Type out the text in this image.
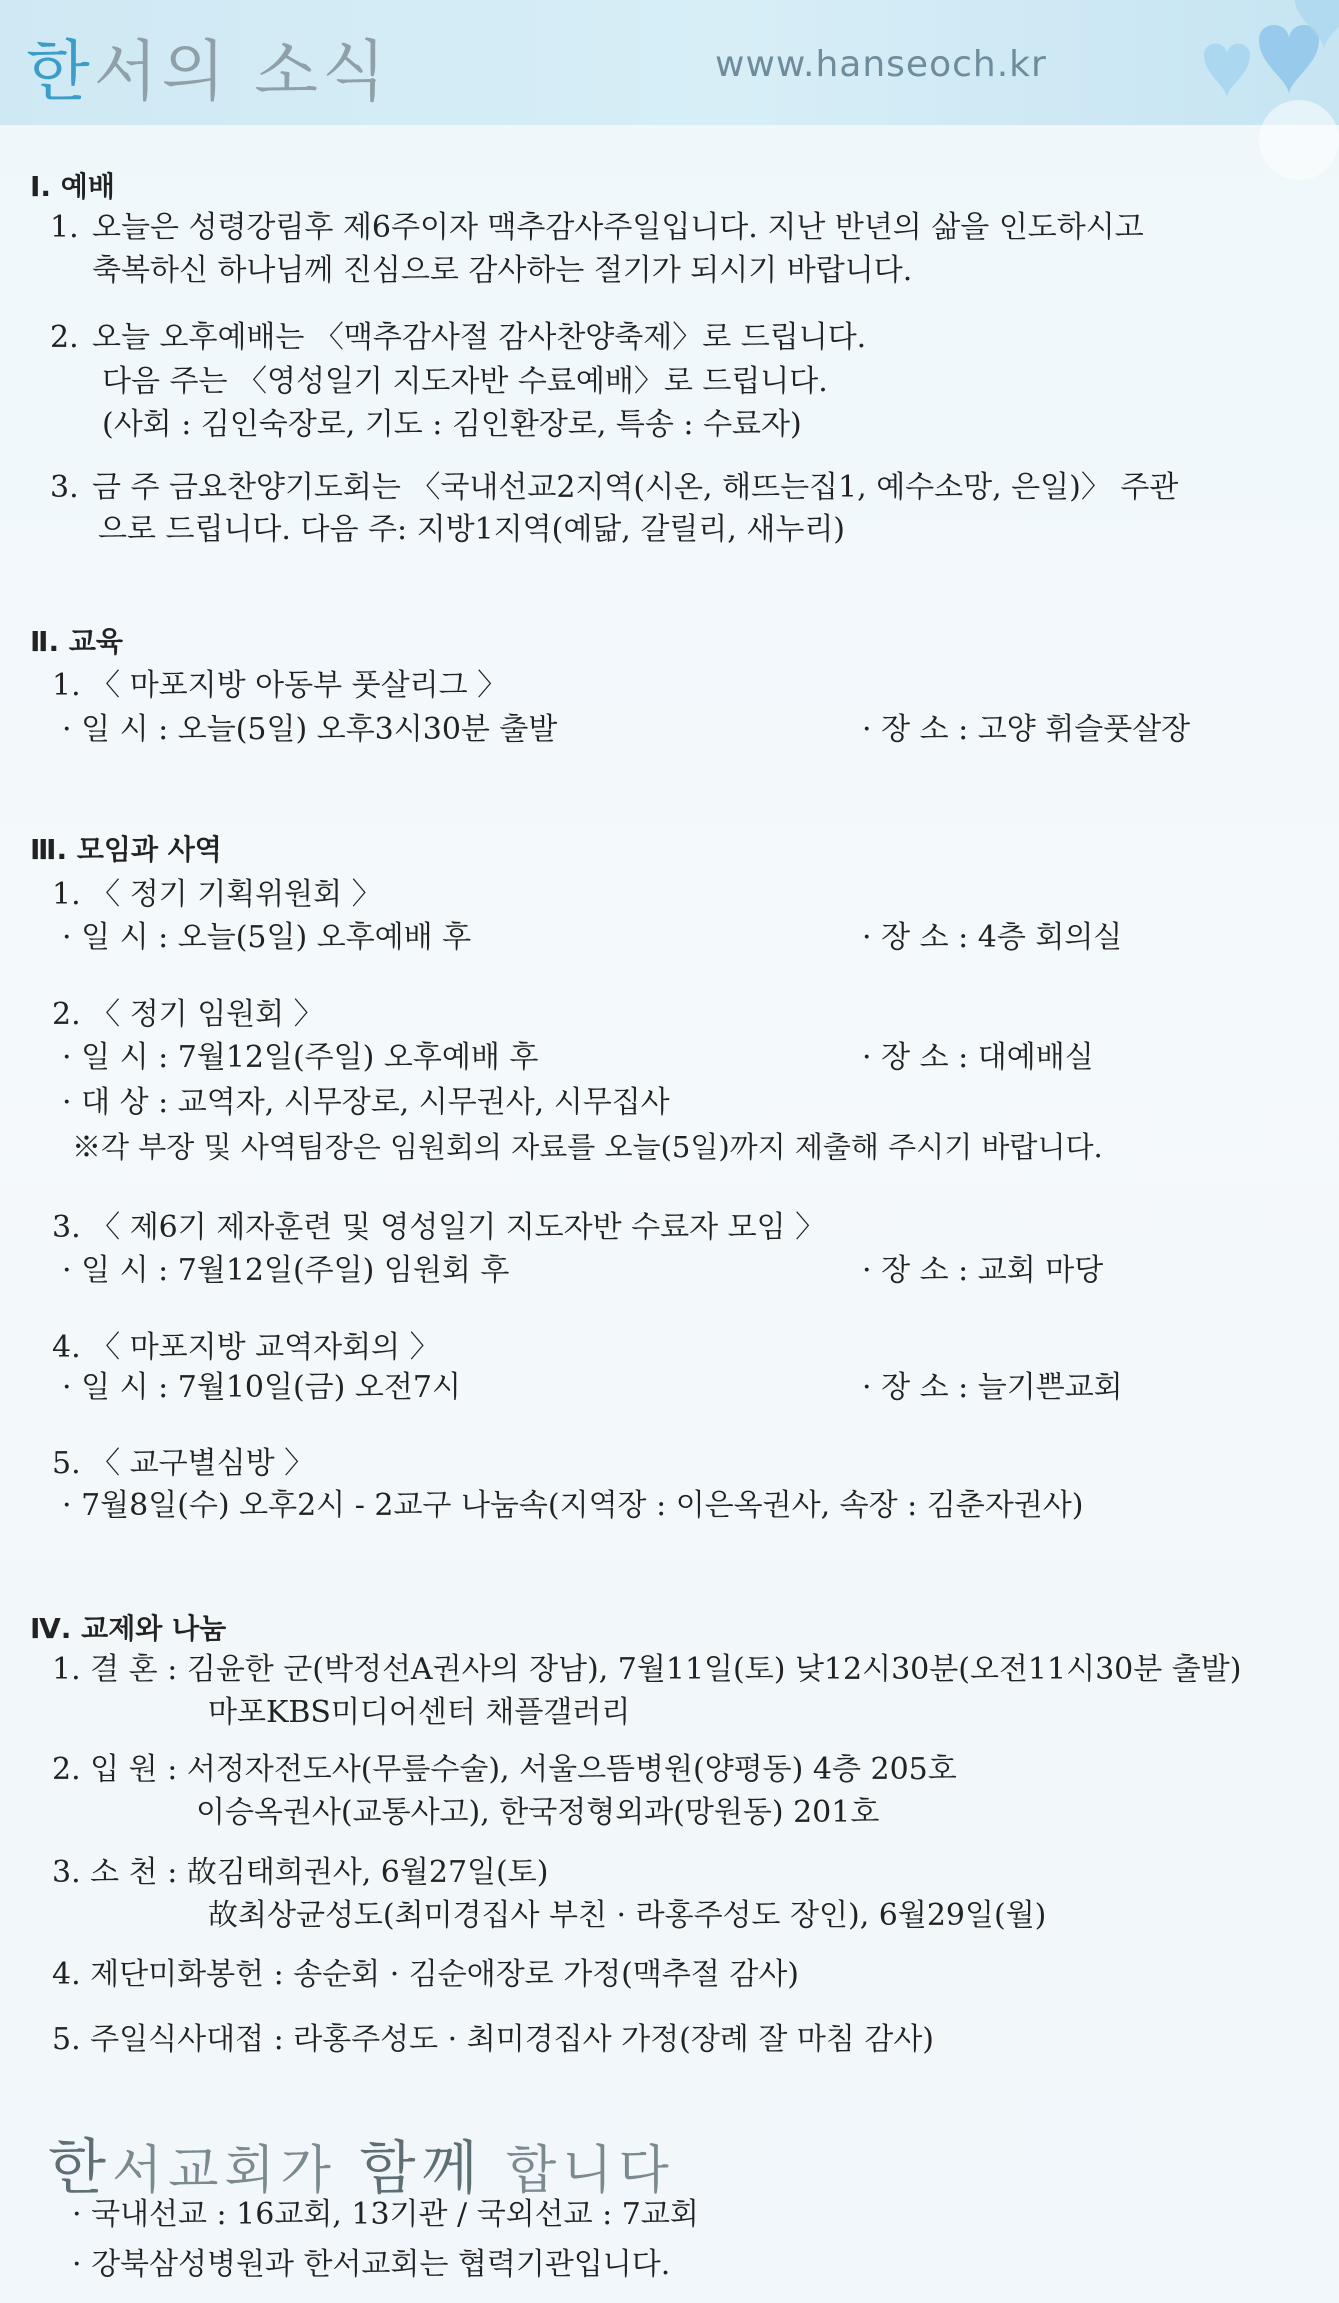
한서의 소식	www.hanseoch.kr
Ⅰ. 예배
1. 오늘은 성령강림후 제6주이자 맥추감사주일입니다. 지난 반년의 삶을 인도하시고
축복하신 하나님께 진심으로 감사하는 절기가 되시기 바랍니다.
2. 오늘 오후예배는 〈맥추감사절 감사찬양축제〉로 드립니다.
다음 주는 〈영성일기 지도자반 수료예배〉로 드립니다.
(사회 : 김인숙장로, 기도 : 김인환장로, 특송 : 수료자)
3. 금 주 금요찬양기도회는 〈국내선교2지역(시온, 해뜨는집1, 예수소망, 은일)〉 주관
으로 드립니다. 다음 주: 지방1지역(예닮, 갈릴리, 새누리)
Ⅱ. 교육
1. 〈 마포지방 아동부 풋살리그 〉
· 일 시 : 오늘(5일) 오후3시30분 출발	· 장 소 : 고양 휘슬풋살장
Ⅲ. 모임과 사역
1. 〈 정기 기획위원회 〉
· 일 시 : 오늘(5일) 오후예배 후	· 장 소 : 4층 회의실
2. 〈 정기 임원회 〉
· 일 시 : 7월12일(주일) 오후예배 후	· 장 소 : 대예배실
· 대 상 : 교역자, 시무장로, 시무권사, 시무집사
※각 부장 및 사역팀장은 임원회의 자료를 오늘(5일)까지 제출해 주시기 바랍니다.
3. 〈 제6기 제자훈련 및 영성일기 지도자반 수료자 모임 〉
· 일 시 : 7월12일(주일) 임원회 후	· 장 소 : 교회 마당
4. 〈 마포지방 교역자회의 〉
· 일 시 : 7월10일(금) 오전7시	· 장 소 : 늘기쁜교회
5. 〈 교구별심방 〉
· 7월8일(수) 오후2시 - 2교구 나눔속(지역장 : 이은옥권사, 속장 : 김춘자권사)
Ⅳ. 교제와 나눔
1. 결 혼 : 김윤한 군(박정선A권사의 장남), 7월11일(토) 낮12시30분(오전11시30분 출발)
마포KBS미디어센터 채플갤러리
2. 입 원 : 서정자전도사(무릎수술), 서울으뜸병원(양평동) 4층 205호
이승옥권사(교통사고), 한국정형외과(망원동) 201호
3. 소 천 : 故김태희권사, 6월27일(토)
故최상균성도(최미경집사 부친 · 라홍주성도 장인), 6월29일(월)
4. 제단미화봉헌 : 송순회 · 김순애장로 가정(맥추절 감사)
5. 주일식사대접 : 라홍주성도 · 최미경집사 가정(장례 잘 마침 감사)
한서교회가 함께 합니다
· 국내선교 : 16교회, 13기관 / 국외선교 : 7교회
· 강북삼성병원과 한서교회는 협력기관입니다.
